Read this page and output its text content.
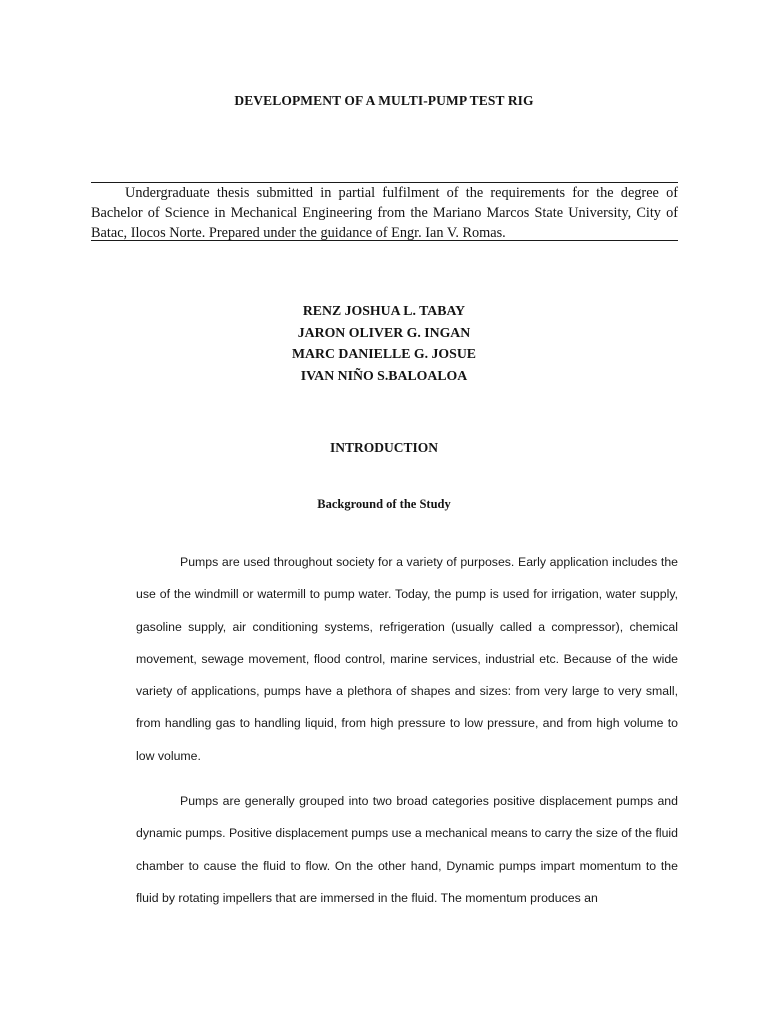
DEVELOPMENT OF A MULTI-PUMP TEST RIG

Undergraduate thesis submitted in partial fulfilment of the requirements for the degree of Bachelor of Science in Mechanical Engineering from the Mariano Marcos State University, City of Batac, Ilocos Norte. Prepared under the guidance of Engr. Ian V. Romas.

RENZ JOSHUA L. TABAY
JARON OLIVER G. INGAN
MARC DANIELLE G. JOSUE
IVAN NIÑO S.BALOALOA
INTRODUCTION
Background of the Study

Pumps are used throughout society for a variety of purposes. Early application includes the use of the windmill or watermill to pump water. Today, the pump is used for irrigation, water supply, gasoline supply, air conditioning systems, refrigeration (usually called a compressor), chemical movement, sewage movement, flood control, marine services, industrial etc. Because of the wide variety of applications, pumps have a plethora of shapes and sizes: from very large to very small, from handling gas to handling liquid, from high pressure to low pressure, and from high volume to low volume.

Pumps are generally grouped into two broad categories positive displacement pumps and dynamic pumps. Positive displacement pumps use a mechanical means to carry the size of the fluid chamber to cause the fluid to flow. On the other hand, Dynamic pumps impart momentum to the fluid by rotating impellers that are immersed in the fluid. The momentum produces an
